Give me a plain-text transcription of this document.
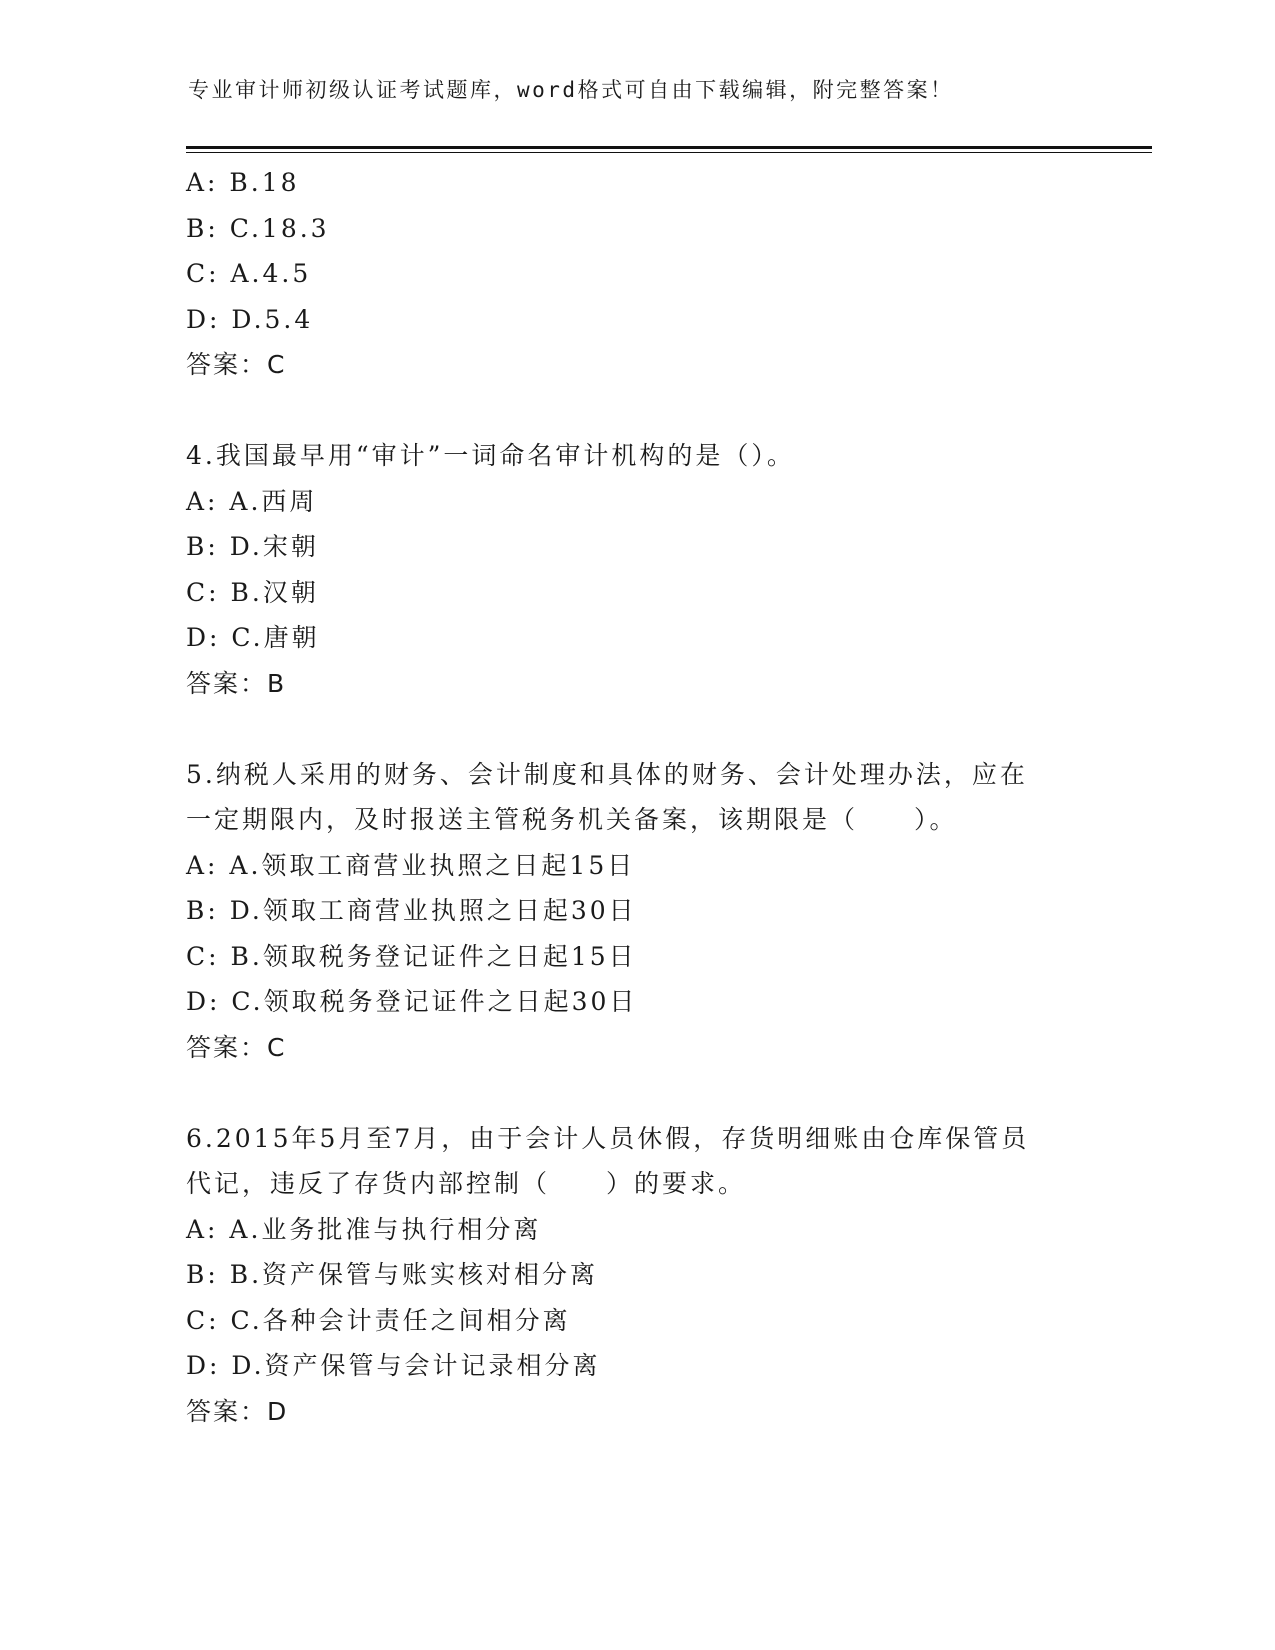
专业审计师初级认证考试题库，word格式可自由下载编辑，附完整答案！
A: B.18
B: C.18.3
C: A.4.5
D: D.5.4
答案：C
4.我国最早用“审计”一词命名审计机构的是（）。
A: A.西周
B: D.宋朝
C: B.汉朝
D: C.唐朝
答案：B
5.纳税人采用的财务、会计制度和具体的财务、会计处理办法，应在
一定期限内，及时报送主管税务机关备案，该期限是（　　）。
A: A.领取工商营业执照之日起15日
B: D.领取工商营业执照之日起30日
C: B.领取税务登记证件之日起15日
D: C.领取税务登记证件之日起30日
答案：C
6.2015年5月至7月，由于会计人员休假，存货明细账由仓库保管员
代记，违反了存货内部控制（　　）的要求。
A: A.业务批准与执行相分离
B: B.资产保管与账实核对相分离
C: C.各种会计责任之间相分离
D: D.资产保管与会计记录相分离
答案：D
